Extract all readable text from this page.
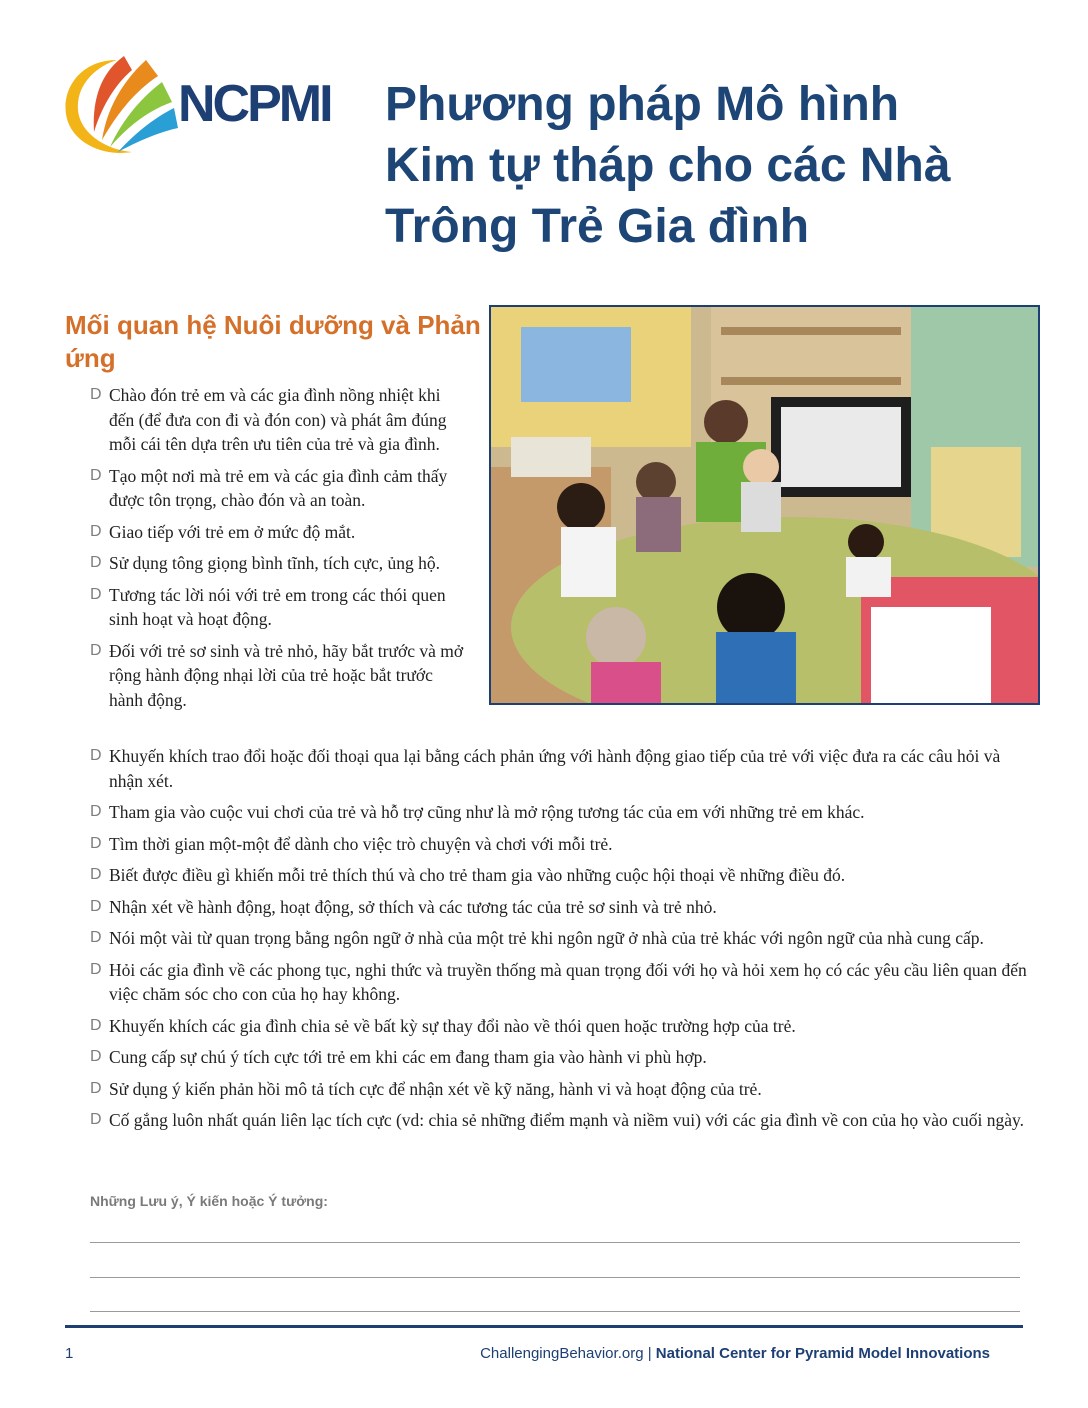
NCPMI Phương pháp Mô hình
Kim tự tháp cho các Nhà
Trông Trẻ Gia đình
Mối quan hệ Nuôi dưỡng và Phản ứng
D Chào đón trẻ em và các gia đình nồng nhiệt khi đến (để đưa con đi và đón con) và phát âm đúng mỗi cái tên dựa trên ưu tiên của trẻ và gia đình.
D Tạo một nơi mà trẻ em và các gia đình cảm thấy được tôn trọng, chào đón và an toàn.
D Giao tiếp với trẻ em ở mức độ mắt.
D Sử dụng tông giọng bình tĩnh, tích cực, ủng hộ.
D Tương tác lời nói với trẻ em trong các thói quen sinh hoạt và hoạt động.
D Đối với trẻ sơ sinh và trẻ nhỏ, hãy bắt trước và mở rộng hành động nhại lời của trẻ hoặc bắt trước hành động.
D Khuyến khích trao đổi hoặc đối thoại qua lại bằng cách phản ứng với hành động giao tiếp của trẻ với việc đưa ra các câu hỏi và nhận xét.
D Tham gia vào cuộc vui chơi của trẻ và hỗ trợ cũng như là mở rộng tương tác của em với những trẻ em khác.
D Tìm thời gian một-một để dành cho việc trò chuyện và chơi với mỗi trẻ.
D Biết được điều gì khiến mỗi trẻ thích thú và cho trẻ tham gia vào những cuộc hội thoại về những điều đó.
D Nhận xét về hành động, hoạt động, sở thích và các tương tác của trẻ sơ sinh và trẻ nhỏ.
D Nói một vài từ quan trọng bằng ngôn ngữ ở nhà của một trẻ khi ngôn ngữ ở nhà của trẻ khác với ngôn ngữ của nhà cung cấp.
D Hỏi các gia đình về các phong tục, nghi thức và truyền thống mà quan trọng đối với họ và hỏi xem họ có các yêu cầu liên quan đến việc chăm sóc cho con của họ hay không.
D Khuyến khích các gia đình chia sẻ về bất kỳ sự thay đổi nào về thói quen hoặc trường hợp của trẻ.
D Cung cấp sự chú ý tích cực tới trẻ em khi các em đang tham gia vào hành vi phù hợp.
D Sử dụng ý kiến phản hồi mô tả tích cực để nhận xét về kỹ năng, hành vi và hoạt động của trẻ.
D Cố gắng luôn nhất quán liên lạc tích cực (vd: chia sẻ những điểm mạnh và niềm vui) với các gia đình về con của họ vào cuối ngày.
Những Lưu ý, Ý kiến hoặc Ý tưởng:
1	ChallengingBehavior.org | National Center for Pyramid Model Innovations
